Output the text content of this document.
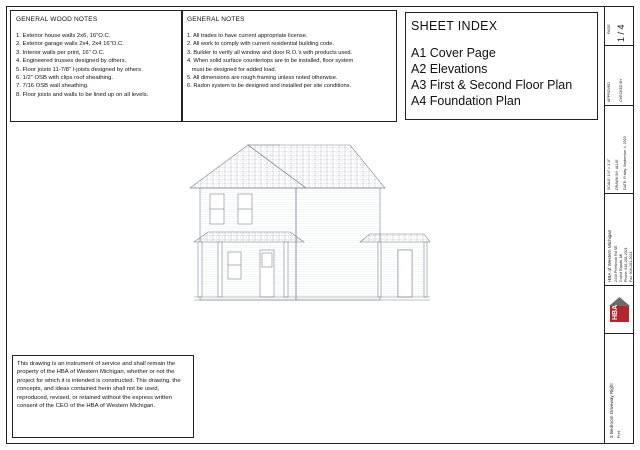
GENERAL WOOD NOTES
1. Exterior house walls 2x6, 16"O.C.
2. Exterior garage walls 2x4, 2x4 16"O.C.
3. Interior walls per print, 16" O.C.
4. Engineered trusses designed by others.
5. Floor joists 11-7/8" I-joists designed by others.
6. 1/2" OSB with clips roof sheathing.
7. 7/16 OSB wall sheathing.
8. Floor joists and walls to be lined up on all levels.
GENERAL NOTES
1. All trades to have current appropriate license.
2. All work to comply with current residential building code.
3. Builder to verify all window and door R.O.'s with products used.
4. When solid surface countertops are to be installed, floor system
must be designed for added load.
5. All dimensions are rough framing unless noted otherwise.
6. Radon system to be designed and installed per site conditions.
SHEET INDEX
A1 Cover Page
A2 Elevations
A3 First & Second Floor Plan
A4 Foundation Plan
This drawing is an instrument of service and shall remain the property of the HBA of Western Michigan, whether or not the project for which it is intended is constructed. This drawing, the concepts, and ideas contained herin shall not be used, reproduced, revised, or retained without the express written consent of the CEO of the HBA of Western Michigan.
PAGE 1 / 4
APPROVED CHECKED BY
SCALE: 1/4" = 1'-0" DRAWN BY: ALLIE DATE: Friday, September 4, 2020
HBA of Western Michigan 2440 Pinebrook Rd SE Grand Rapids, MI Phone: 616-281-2021 Fax: 616-281-2021
HBA
3 Bedroom Driveway Right Print
